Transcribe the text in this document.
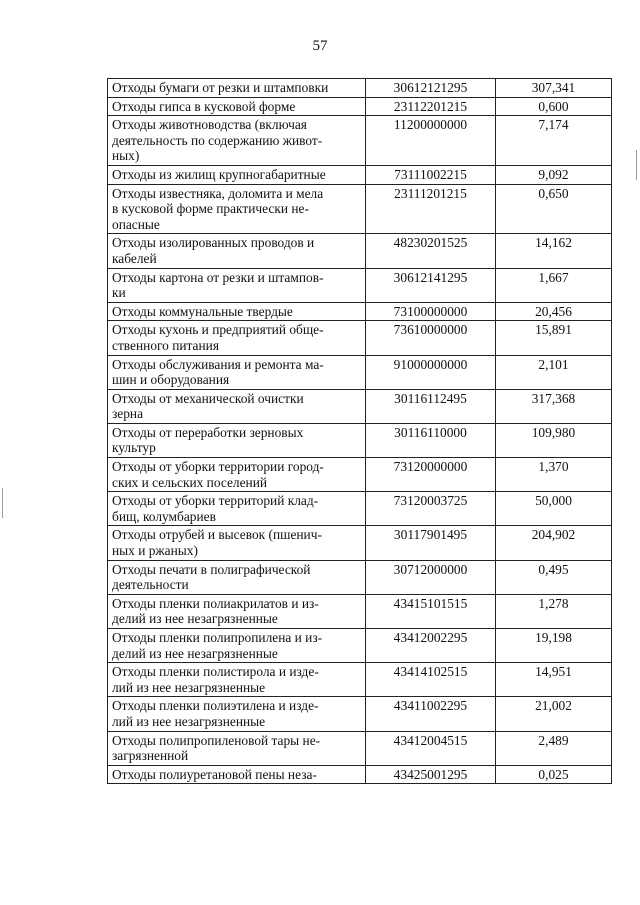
57
Отходы бумаги от резки и штамповки	30612121295	307,341
Отходы гипса в кусковой форме	23112201215	0,600
Отходы животноводства (включая
деятельность по содержанию живот-
ных)	11200000000	7,174
Отходы из жилищ крупногабаритные	73111002215	9,092
Отходы известняка, доломита и мела
в кусковой форме практически не-
опасные	23111201215	0,650
Отходы изолированных проводов и
кабелей	48230201525	14,162
Отходы картона от резки и штампов-
ки	30612141295	1,667
Отходы коммунальные твердые	73100000000	20,456
Отходы кухонь и предприятий обще-
ственного питания	73610000000	15,891
Отходы обслуживания и ремонта ма-
шин и оборудования	91000000000	2,101
Отходы от механической очистки
зерна	30116112495	317,368
Отходы от переработки зерновых
культур	30116110000	109,980
Отходы от уборки территории город-
ских и сельских поселений	73120000000	1,370
Отходы от уборки территорий клад-
бищ, колумбариев	73120003725	50,000
Отходы отрубей и высевок (пшенич-
ных и ржаных)	30117901495	204,902
Отходы печати в полиграфической
деятельности	30712000000	0,495
Отходы пленки полиакрилатов и из-
делий из нее незагрязненные	43415101515	1,278
Отходы пленки полипропилена и из-
делий из нее незагрязненные	43412002295	19,198
Отходы пленки полистирола и изде-
лий из нее незагрязненные	43414102515	14,951
Отходы пленки полиэтилена и изде-
лий из нее незагрязненные	43411002295	21,002
Отходы полипропиленовой тары не-
загрязненной	43412004515	2,489
Отходы полиуретановой пены неза-	43425001295	0,025
